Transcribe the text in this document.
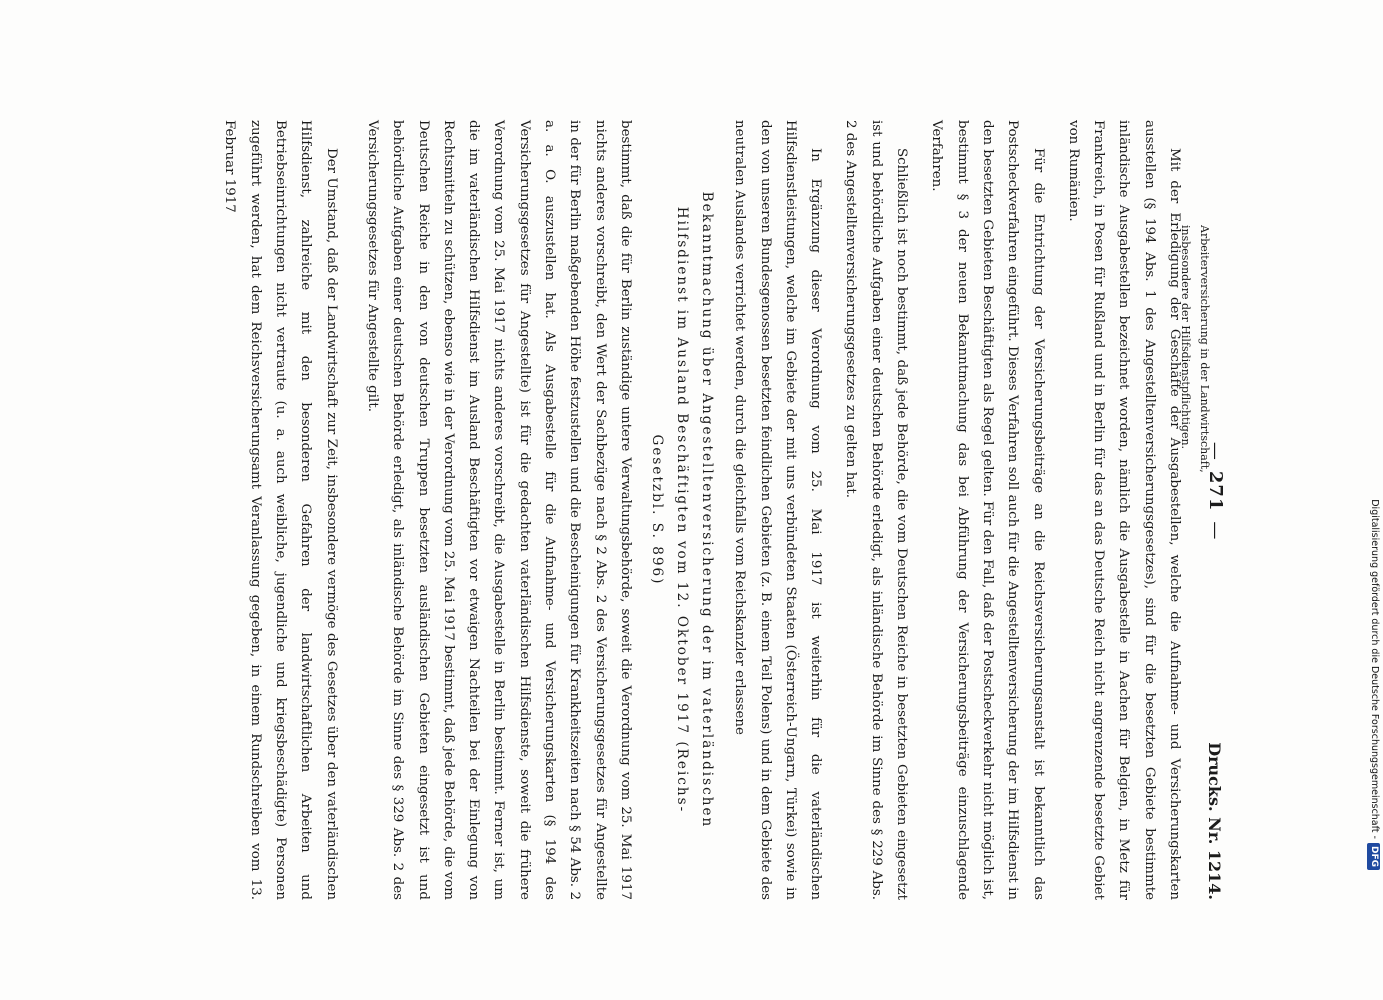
—271—
Drucks. Nr. 1214.

Mit der Erledigung der Geschäfte der Ausgabestellen, welche die Aufnahme- und Versicherungskarten ausstellen (§ 194 Abs. 1 des Angestelltenversicherungsgesetzes), sind für die besetzten Gebiete bestimmte inländische Ausgabestellen bezeichnet worden, nämlich die Ausgabestelle in Aachen für Belgien, in Metz für Frankreich, in Posen für Rußland und in Berlin für das an das Deutsche Reich nicht angrenzende besetzte Gebiet von Rumänien.

Für die Entrichtung der Versicherungsbeiträge an die Reichsversicherungsanstalt ist bekanntlich das Postscheckverfahren eingeführt. Dieses Verfahren soll auch für die Angestelltenversicherung der im Hilfsdienst in den besetzten Gebieten Beschäftigten als Regel gelten. Für den Fall, daß der Postscheckverkehr nicht möglich ist, bestimmt § 3 der neuen Bekanntmachung das bei Abführung der Versicherungsbeiträge einzuschlagende Verfahren.

Schließlich ist noch bestimmt, daß jede Behörde, die vom Deutschen Reiche in besetzten Gebieten eingesetzt ist und behördliche Aufgaben einer deutschen Behörde erledigt, als inländische Behörde im Sinne des § 229 Abs. 2 des Angestelltenversicherungsgesetzes zu gelten hat.

In Ergänzung dieser Verordnung vom 25. Mai 1917 ist weiterhin für die vaterländischen Hilfsdienstleistungen, welche im Gebiete der mit uns verbündeten Staaten (Österreich-Ungarn, Türkei) sowie in den von unseren Bundesgenossen besetzten feindlichen Gebieten (z. B. einem Teil Polens) und in dem Gebiete des neutralen Auslandes verrichtet werden, durch die gleichfalls vom Reichskanzler erlassene

Bekanntmachung über Angestelltenversicherung der im vaterländischen Hilfsdienst im Ausland Beschäftigten vom 12. Oktober 1917 (Reichs-Gesetzbl. S. 896)

bestimmt, daß die für Berlin zuständige untere Verwaltungsbehörde, soweit die Verordnung vom 25. Mai 1917 nichts anderes vorschreibt, den Wert der Sachbezüge nach § 2 Abs. 2 des Versicherungsgesetzes für Angestellte in der für Berlin maßgebenden Höhe festzustellen und die Bescheinigungen für Krankheitszeiten nach § 54 Abs. 2 a. a. O. auszustellen hat. Als Ausgabestelle für die Aufnahme- und Versicherungskarten (§ 194 des Versicherungsgesetzes für Angestellte) ist für die gedachten vaterländischen Hilfsdienste, soweit die frühere Verordnung vom 25. Mai 1917 nichts anderes vorschreibt, die Ausgabestelle in Berlin bestimmt. Ferner ist, um die im vaterländischen Hilfsdienst im Ausland Beschäftigten vor etwaigen Nachteilen bei der Einlegung von Rechtsmitteln zu schützen, ebenso wie in der Verordnung vom 25. Mai 1917 bestimmt, daß jede Behörde, die vom Deutschen Reiche in den von deutschen Truppen besetzten ausländischen Gebieten eingesetzt ist und behördliche Aufgaben einer deutschen Behörde erledigt, als inländische Behörde im Sinne des § 329 Abs. 2 des Versicherungsgesetzes für Angestellte gilt.

Der Umstand, daß der Landwirtschaft zur Zeit, insbesondere vermöge des Gesetzes über den vaterländischen Hilfsdienst, zahlreiche mit den besonderen Gefahren der landwirtschaftlichen Arbeiten und Betriebseinrichtungen nicht vertraute (u. a. auch weibliche, jugendliche und kriegsbeschädigte) Personen zugeführt werden, hat dem Reichsversicherungsamt Veranlassung gegeben, in einem Rundschreiben vom 13. Februar 1917

Arbeiterversicherung in der Landwirtschaft, insbesondere der Hilfsdienstpflichtigen.
Digitalisierung gefördert durch die Deutsche Forschungsgemeinschaft -
DFG
